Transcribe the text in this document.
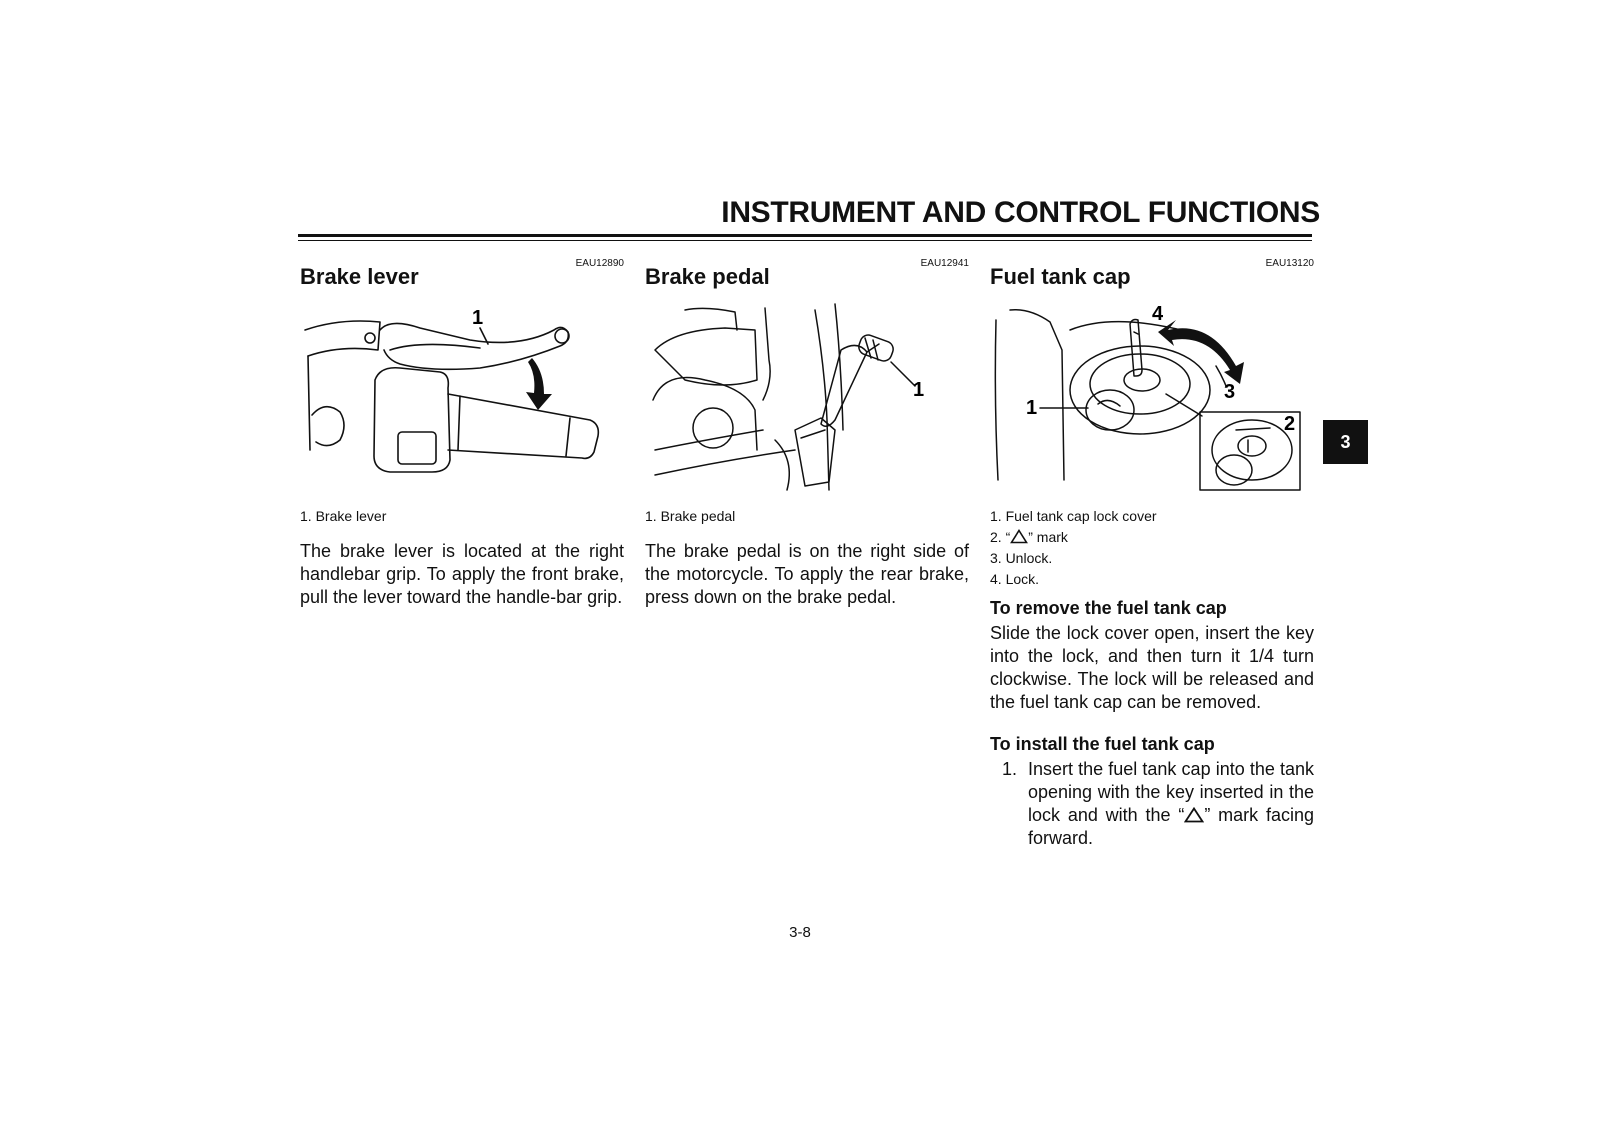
INSTRUMENT AND CONTROL FUNCTIONS
EAU12890
Brake lever
1
1. Brake lever
The brake lever is located at the right handlebar grip. To apply the front brake, pull the lever toward the handle-bar grip.
EAU12941
Brake pedal
1
1. Brake pedal
The brake pedal is on the right side of the motorcycle. To apply the rear brake, press down on the brake pedal.
EAU13120
Fuel tank cap
4
1
3
2
1. Fuel tank cap lock cover
2. “ ” mark
3. Unlock.
4. Lock.
To remove the fuel tank cap
Slide the lock cover open, insert the key into the lock, and then turn it 1/4 turn clockwise. The lock will be released and the fuel tank cap can be removed.
To install the fuel tank cap
1. Insert the fuel tank cap into the tank opening with the key inserted in the lock and with the “ ” mark facing forward.
3
3-8
